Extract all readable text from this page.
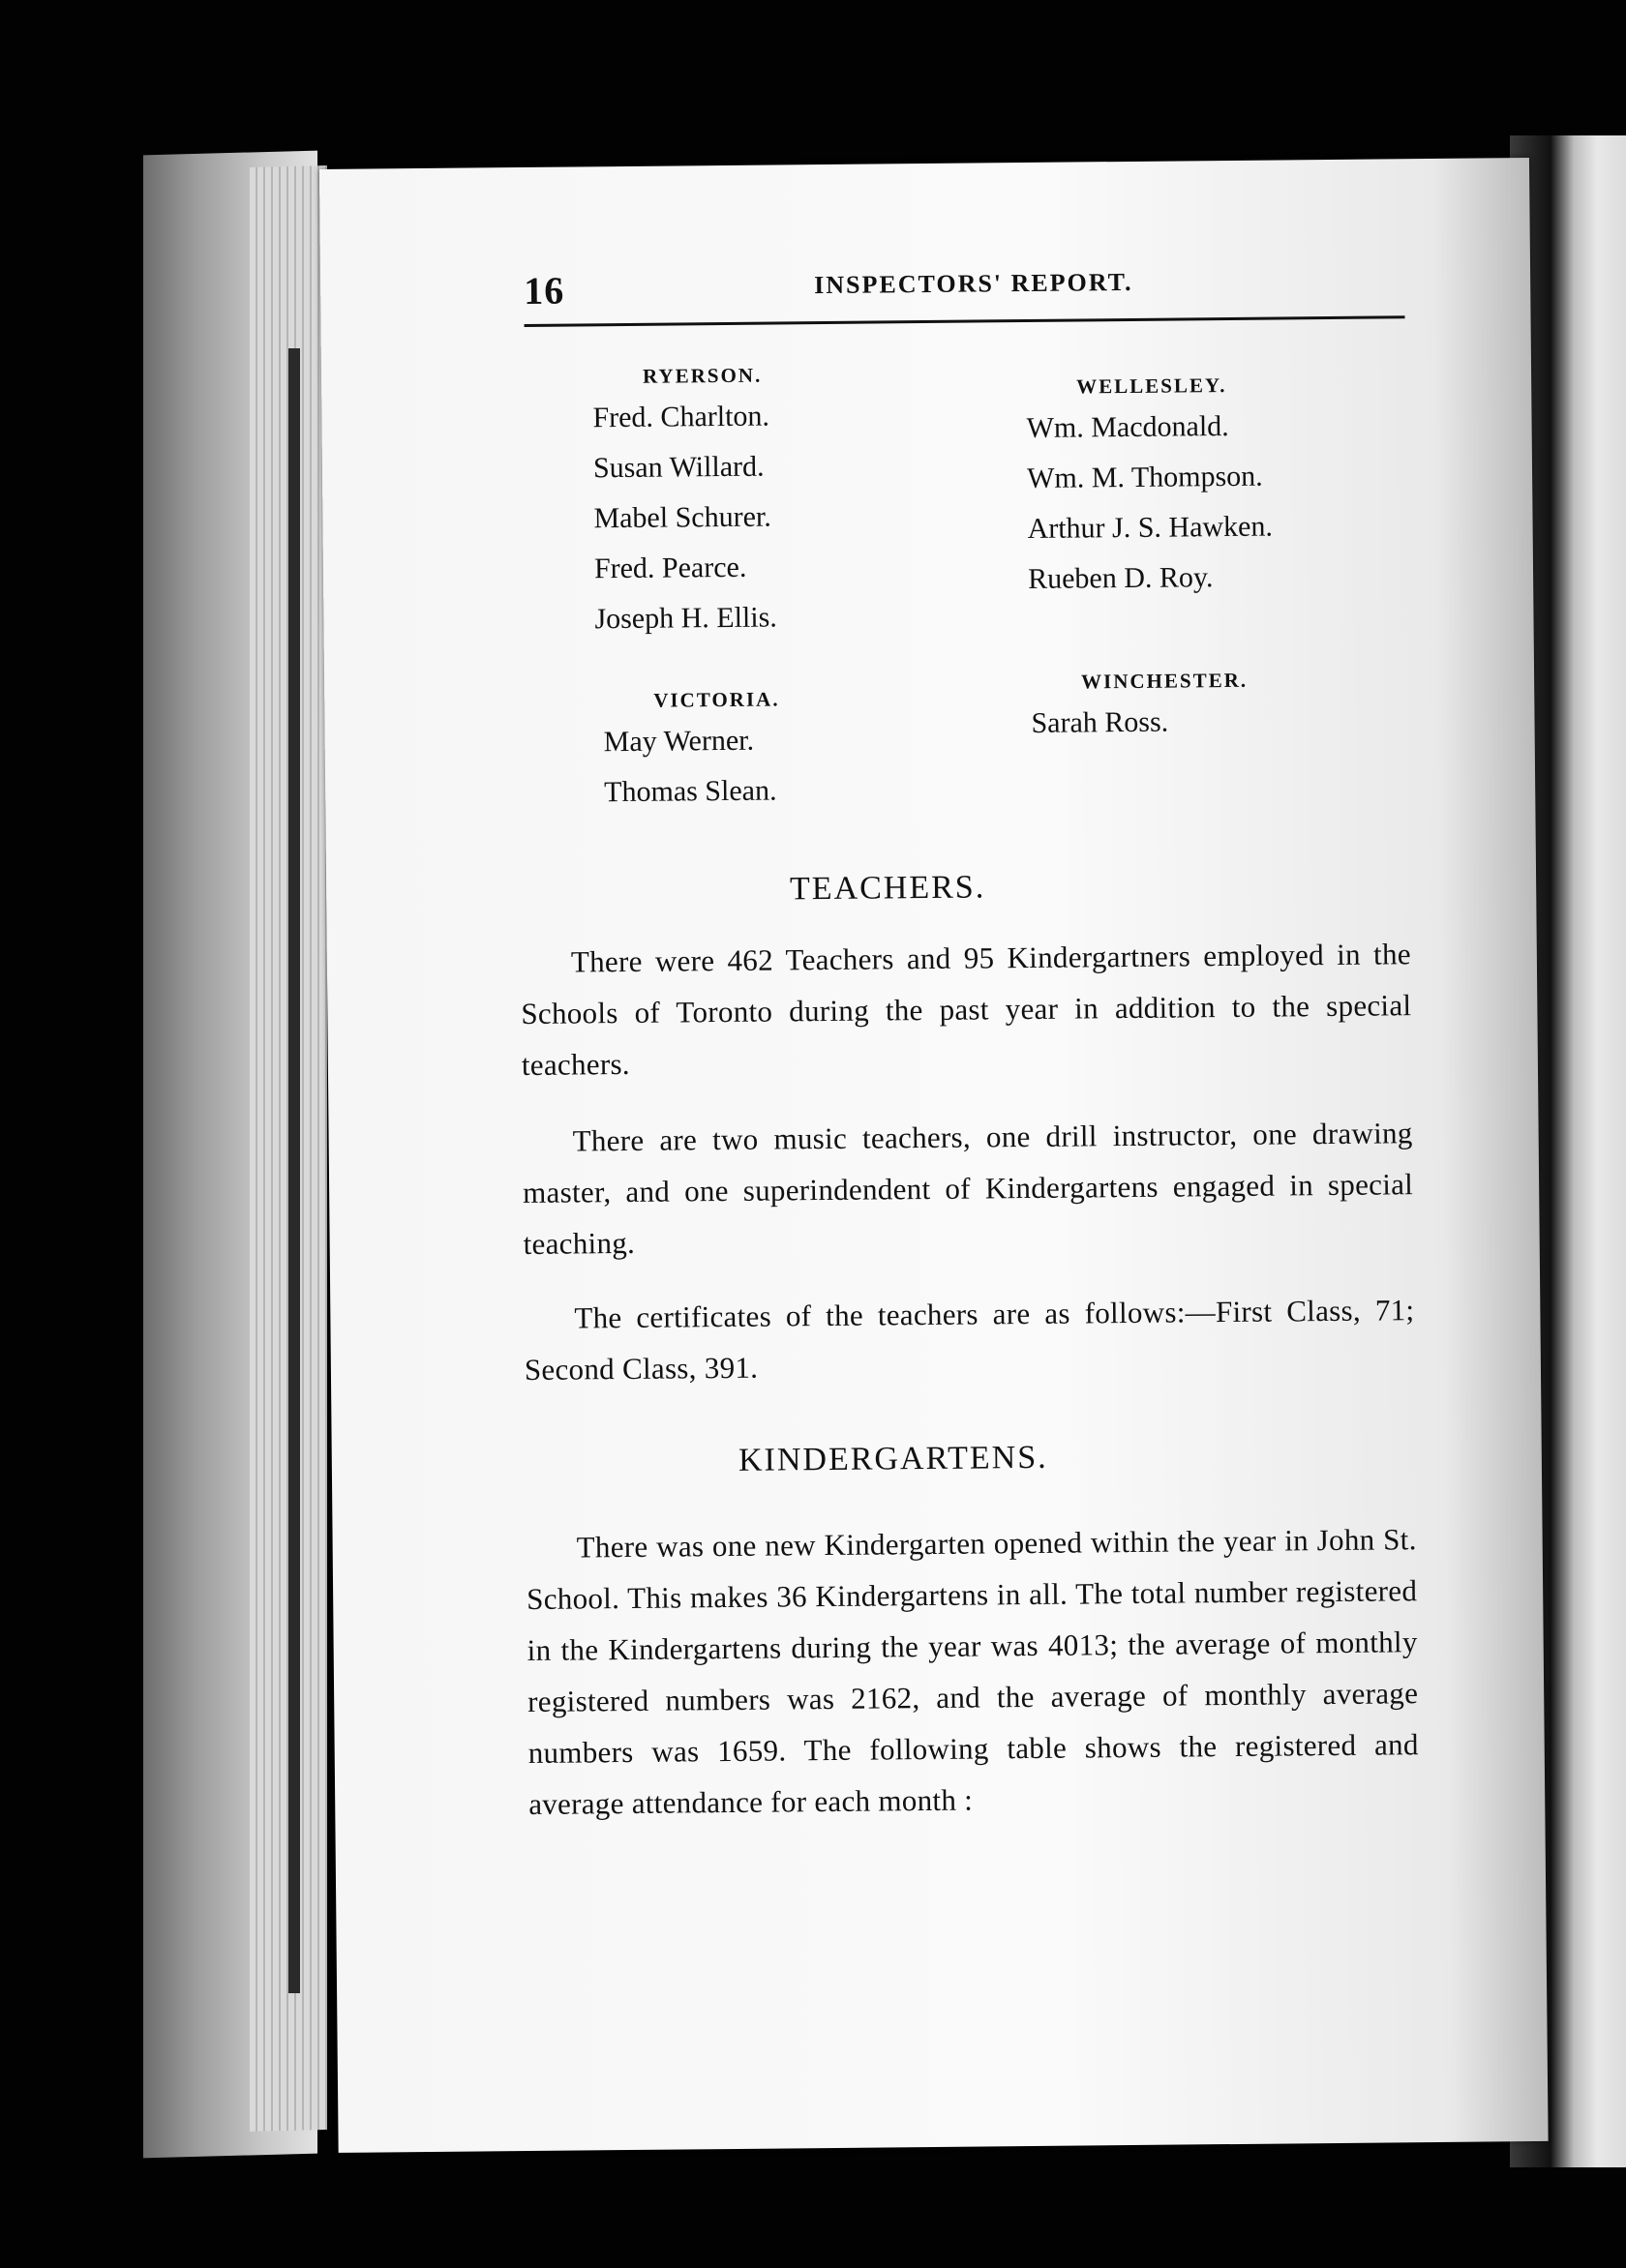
16	INSPECTORS' REPORT.
RYERSON.
Fred. Charlton.
Susan Willard.
Mabel Schurer.
Fred. Pearce.
Joseph H. Ellis.
VICTORIA.
May Werner.
Thomas Slean.
WELLESLEY.
Wm. Macdonald.
Wm. M. Thompson.
Arthur J. S. Hawken.
Rueben D. Roy.
WINCHESTER.
Sarah Ross.
TEACHERS.
There were 462 Teachers and 95 Kindergartners employed in the Schools of Toronto during the past year in addition to the special teachers.
There are two music teachers, one drill instructor, one drawing master, and one superindendent of Kindergartens engaged in special teaching.
The certificates of the teachers are as follows:—First Class, 71; Second Class, 391.
KINDERGARTENS.
There was one new Kindergarten opened within the year in John St. School. This makes 36 Kindergartens in all. The total number registered in the Kindergartens during the year was 4013; the average of monthly registered numbers was 2162, and the average of monthly average numbers was 1659. The following table shows the registered and average attendance for each month :
